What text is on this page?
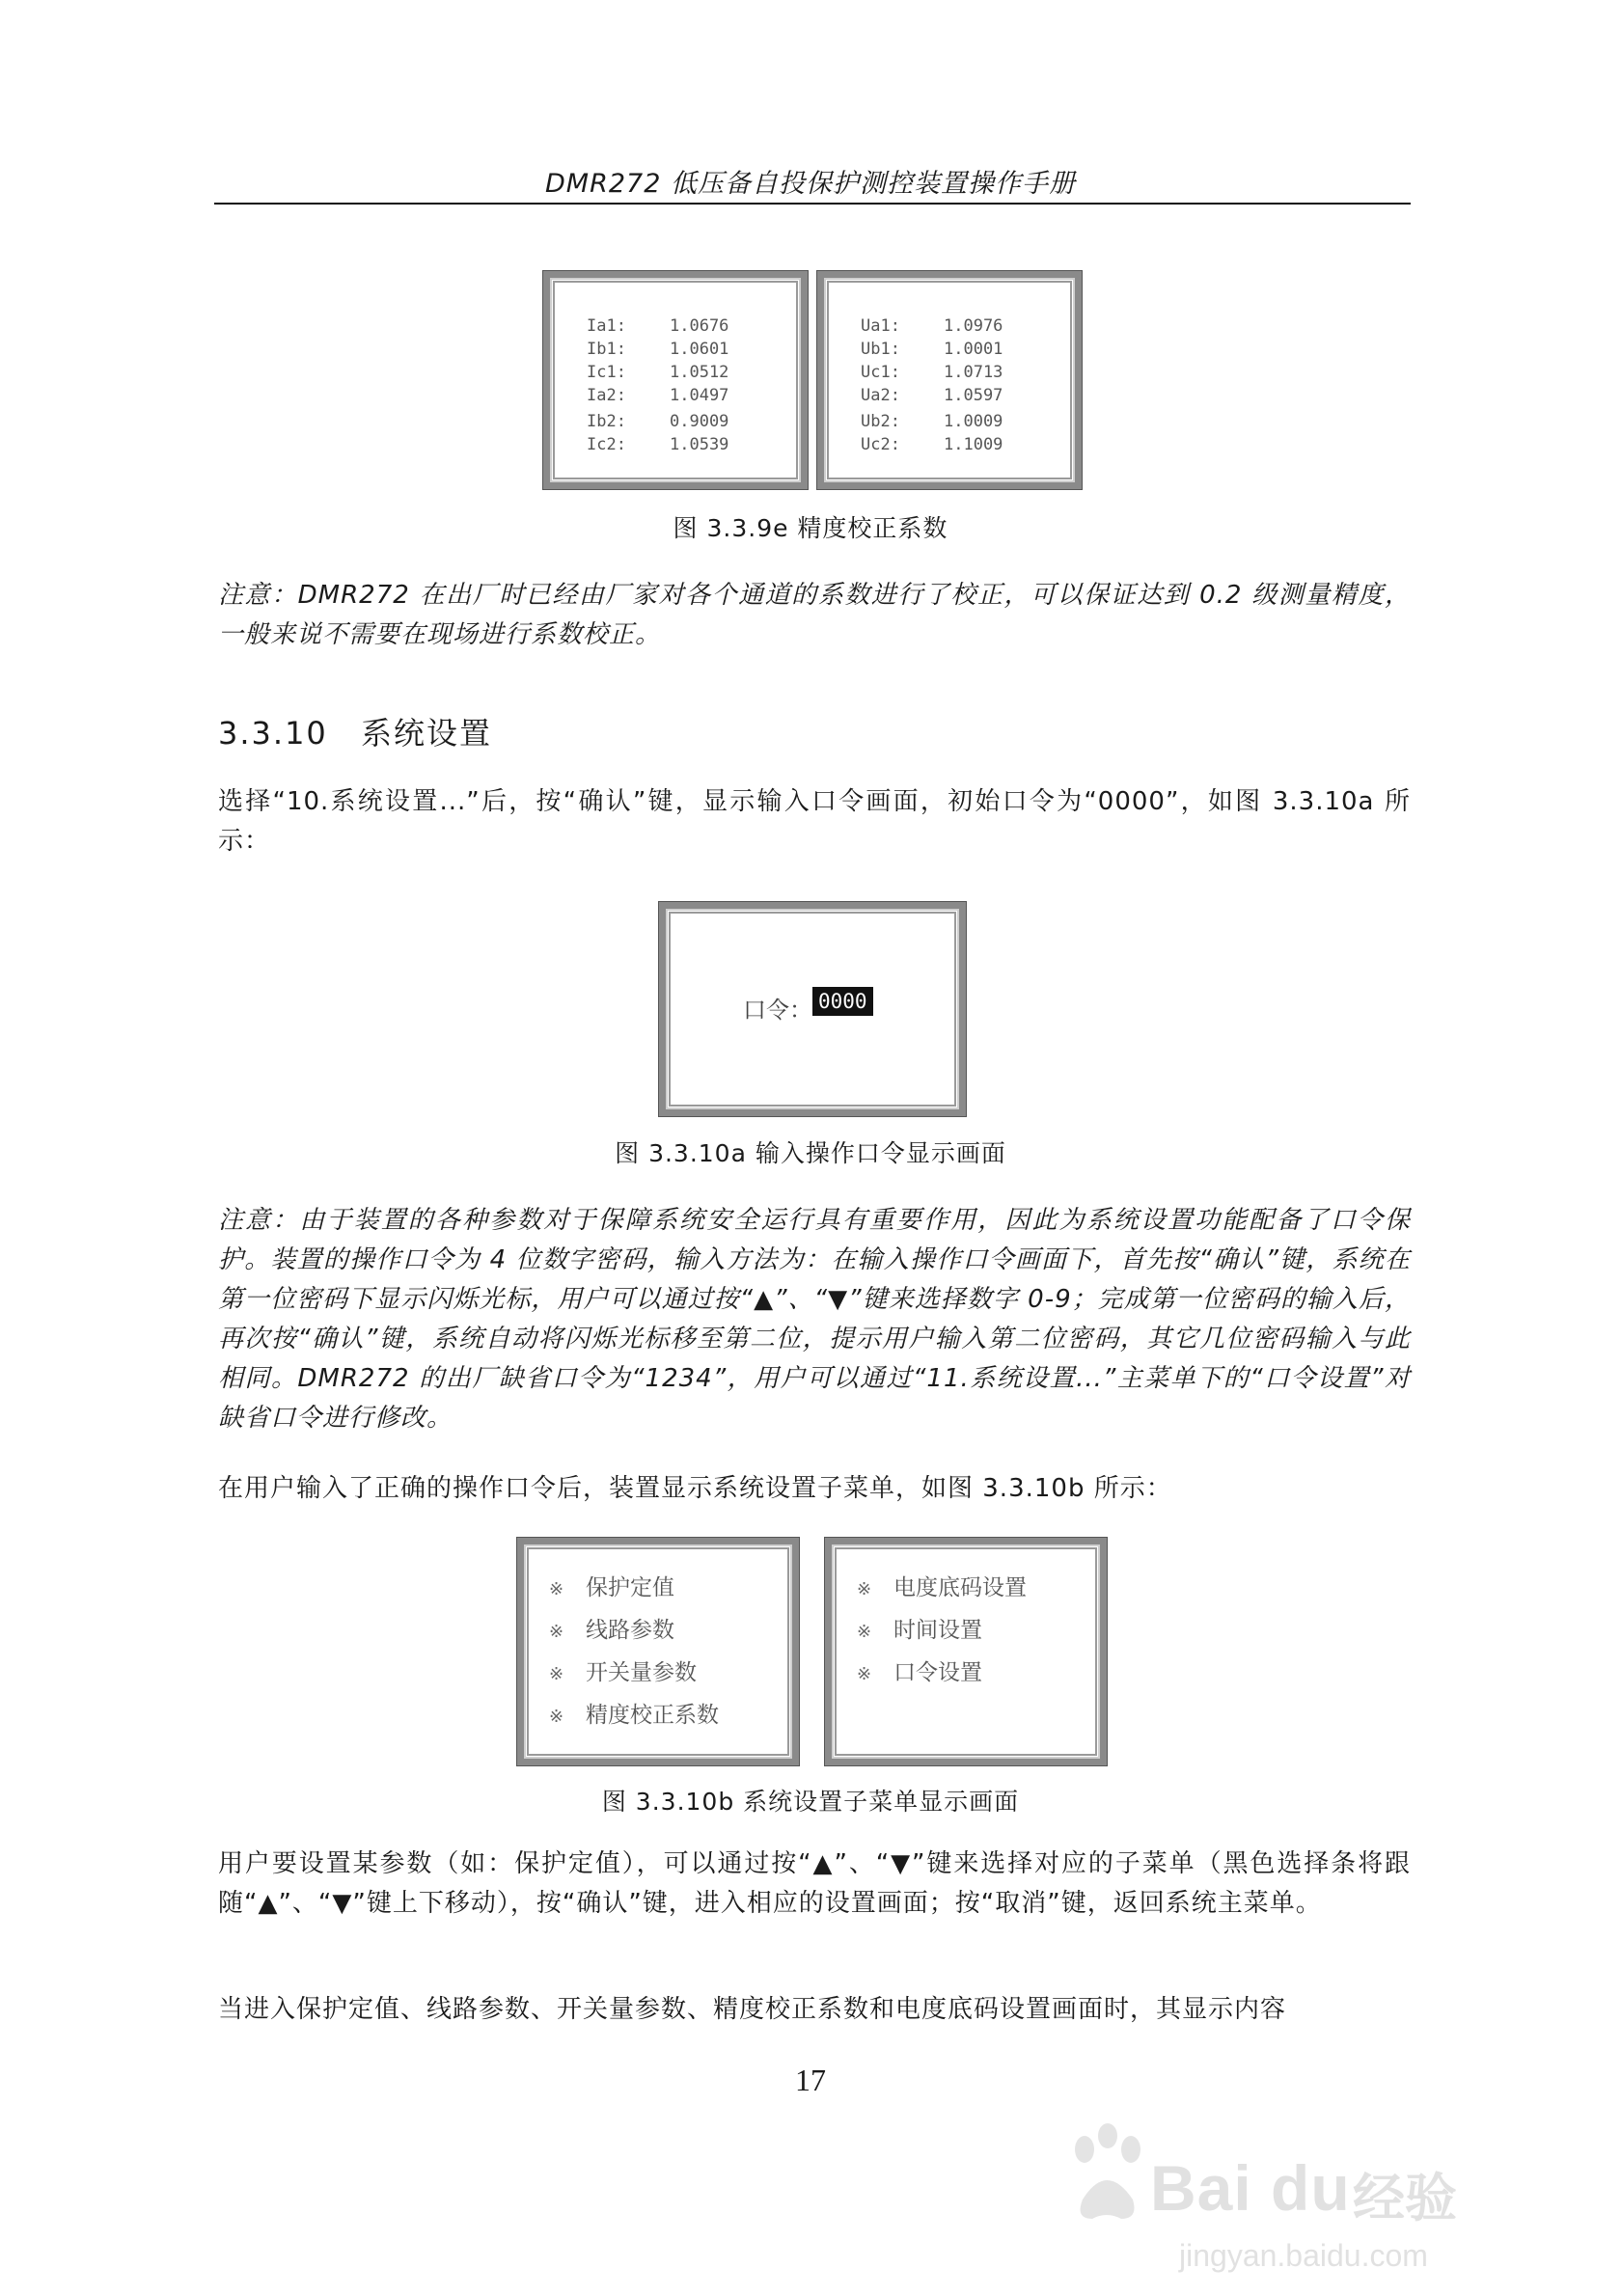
DMR272 低压备自投保护测控装置操作手册
Ia1:	1.0676
Ib1:	1.0601
Ic1:	1.0512
Ia2:	1.0497
Ib2:	0.9009
Ic2:	1.0539
Ua1:	1.0976
Ub1:	1.0001
Uc1:	1.0713
Ua2:	1.0597
Ub2:	1.0009
Uc2:	1.1009
图 3.3.9e 精度校正系数
注意：DMR272 在出厂时已经由厂家对各个通道的系数进行了校正，可以保证达到 0.2 级测量精度，一般来说不需要在现场进行系数校正。
3.3.10 系统设置
选择“10.系统设置...”后，按“确认”键，显示输入口令画面，初始口令为“0000”，如图 3.3.10a 所示：
口令： 0000
图 3.3.10a 输入操作口令显示画面
注意：由于装置的各种参数对于保障系统安全运行具有重要作用，因此为系统设置功能配备了口令保护。装置的操作口令为 4 位数字密码，输入方法为：在输入操作口令画面下，首先按“确认”键，系统在第一位密码下显示闪烁光标，用户可以通过按“▲”、“▼”键来选择数字 0-9；完成第一位密码的输入后，再次按“确认”键，系统自动将闪烁光标移至第二位，提示用户输入第二位密码，其它几位密码输入与此相同。DMR272 的出厂缺省口令为“1234”，用户可以通过“11.系统设置...”主菜单下的“口令设置”对缺省口令进行修改。
在用户输入了正确的操作口令后，装置显示系统设置子菜单，如图 3.3.10b 所示：
※ 保护定值
※ 线路参数
※ 开关量参数
※ 精度校正系数
※ 电度底码设置
※ 时间设置
※ 口令设置
图 3.3.10b 系统设置子菜单显示画面
用户要设置某参数（如：保护定值），可以通过按“▲”、“▼”键来选择对应的子菜单（黑色选择条将跟随“▲”、“▼”键上下移动），按“确认”键，进入相应的设置画面；按“取消”键，返回系统主菜单。
当进入保护定值、线路参数、开关量参数、精度校正系数和电度底码设置画面时，其显示内容
17
Bai du 经验
jingyan.baidu.com
